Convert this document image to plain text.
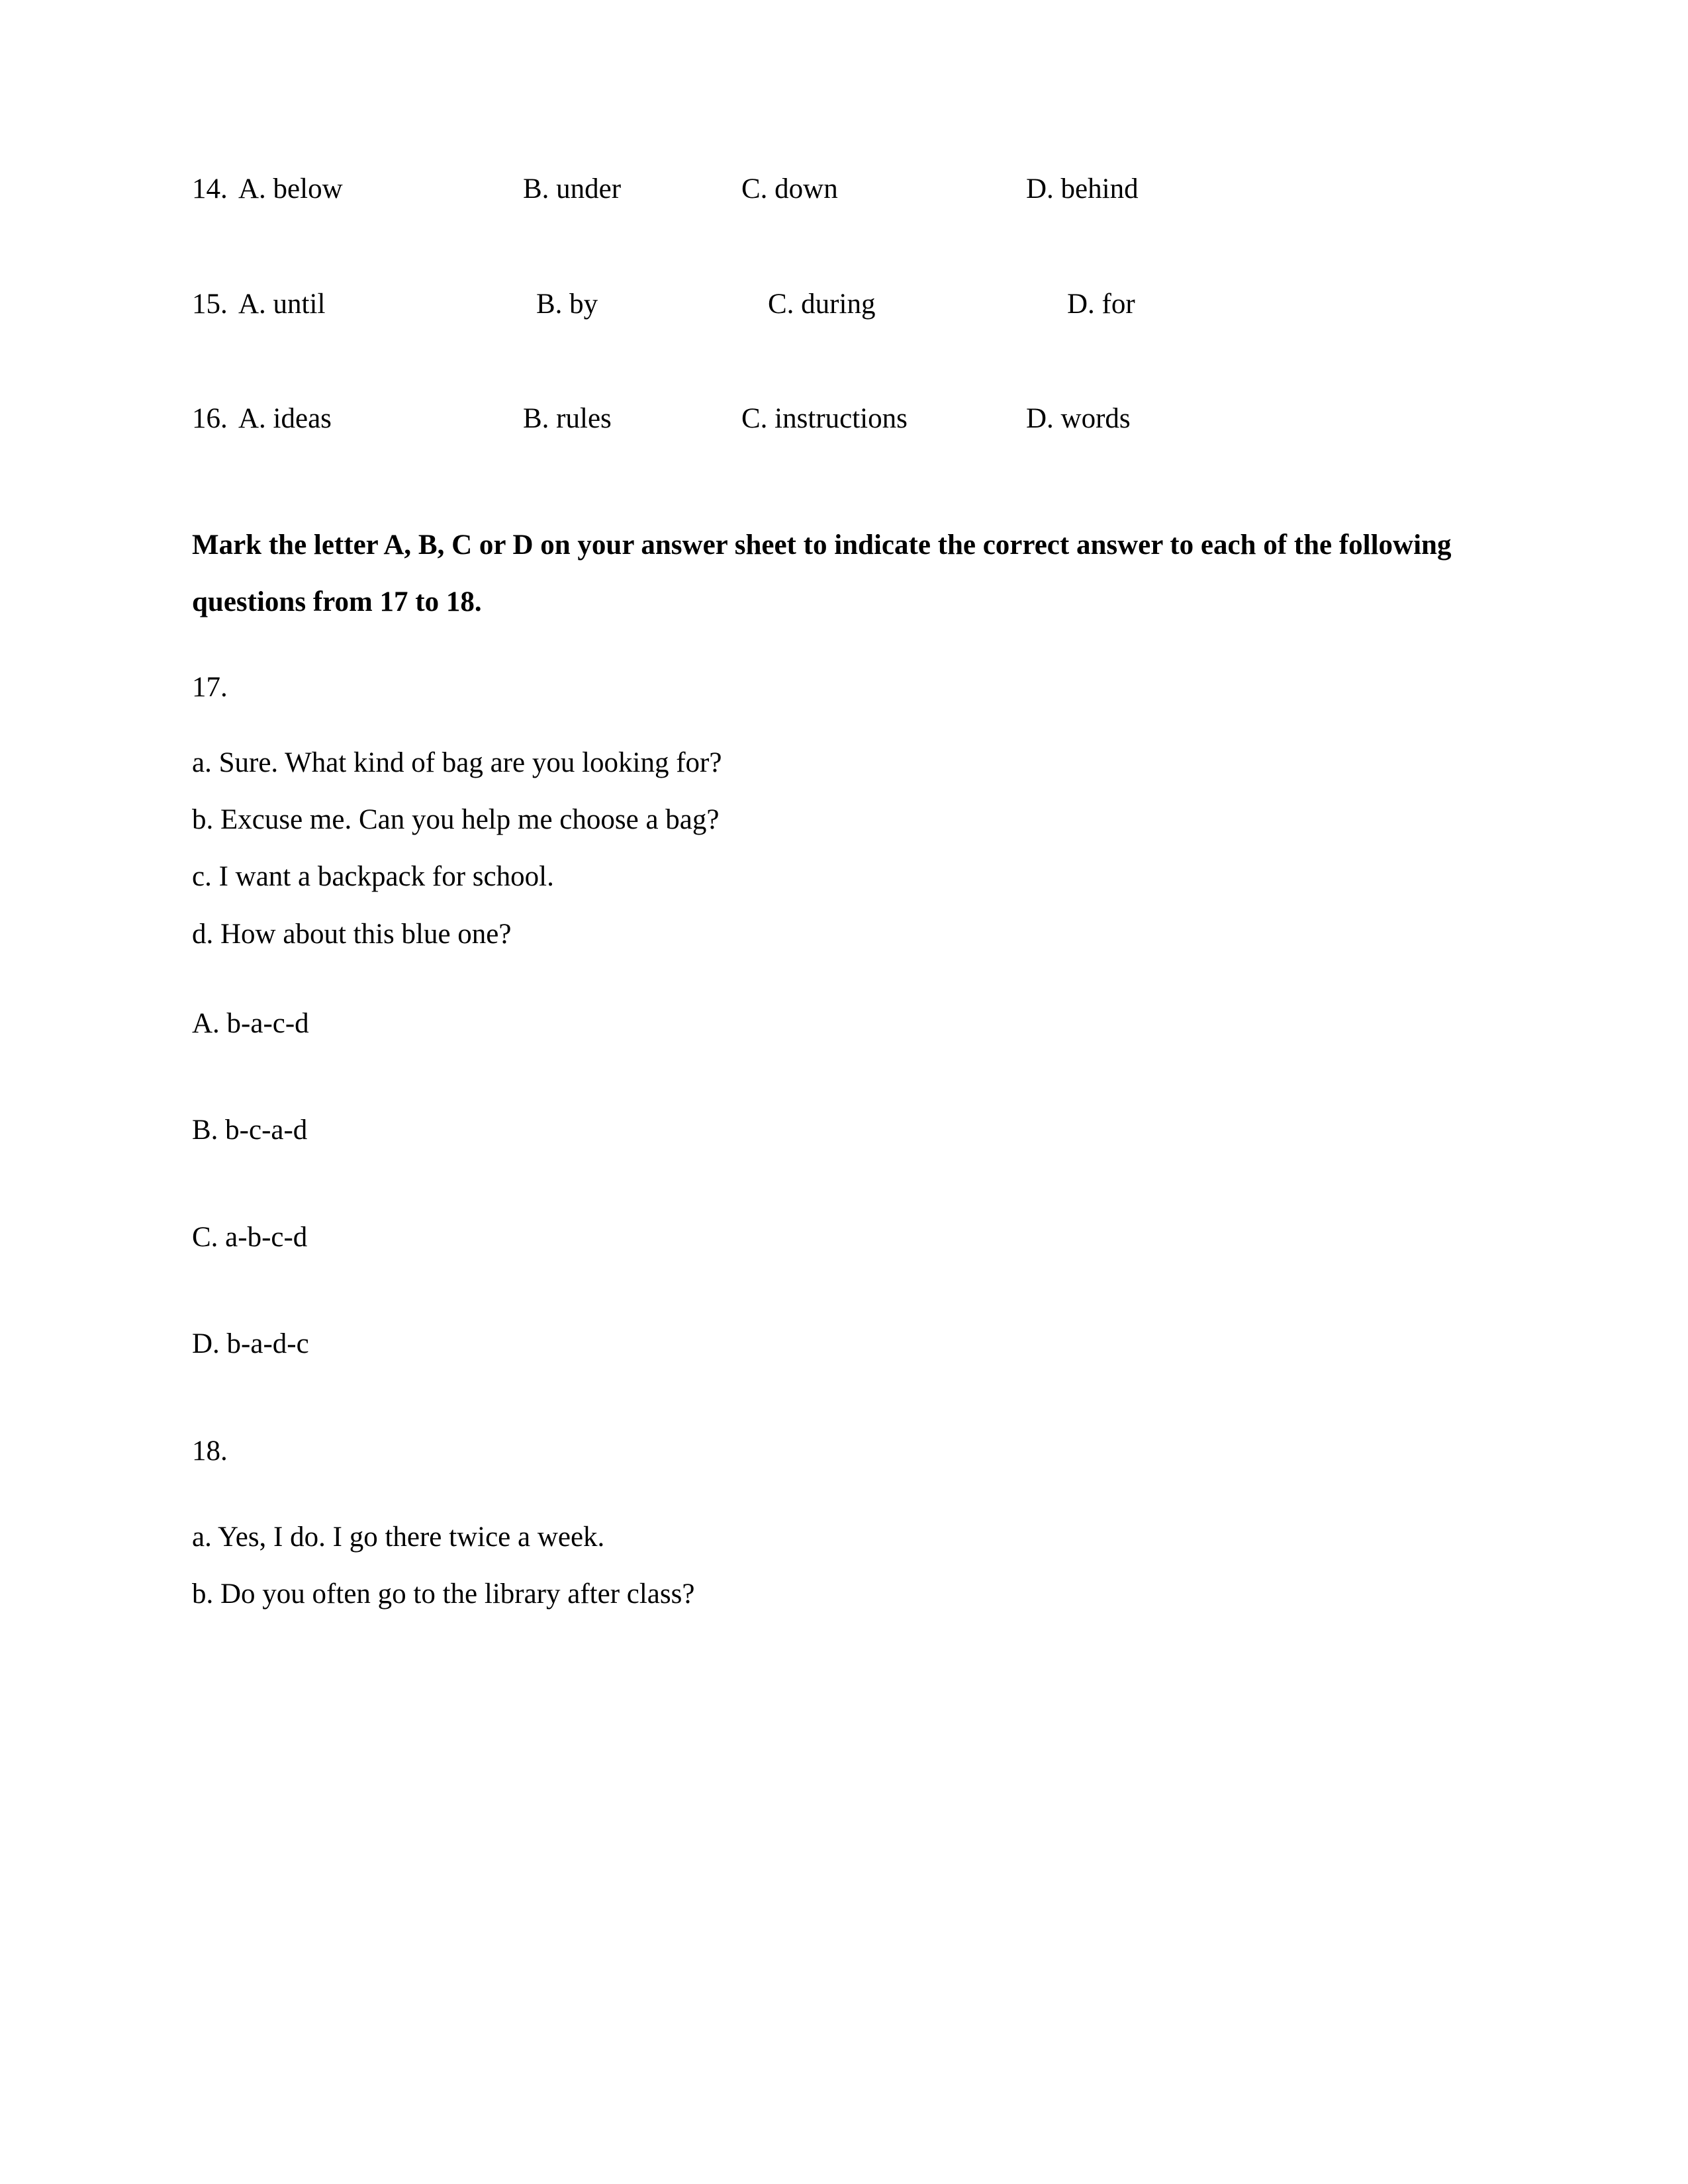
14. A. below	B. under	C. down	D. behind
15. A. until	B. by	C. during	D. for
16. A. ideas	B. rules	C. instructions	D. words

Mark the letter A, B, C or D on your answer sheet to indicate the correct answer to each of the following questions from 17 to 18.

17.
a. Sure. What kind of bag are you looking for?
b. Excuse me. Can you help me choose a bag?
c. I want a backpack for school.
d. How about this blue one?
A. b-a-c-d
B. b-c-a-d
C. a-b-c-d
D. b-a-d-c
18.
a. Yes, I do. I go there twice a week.
b. Do you often go to the library after class?
